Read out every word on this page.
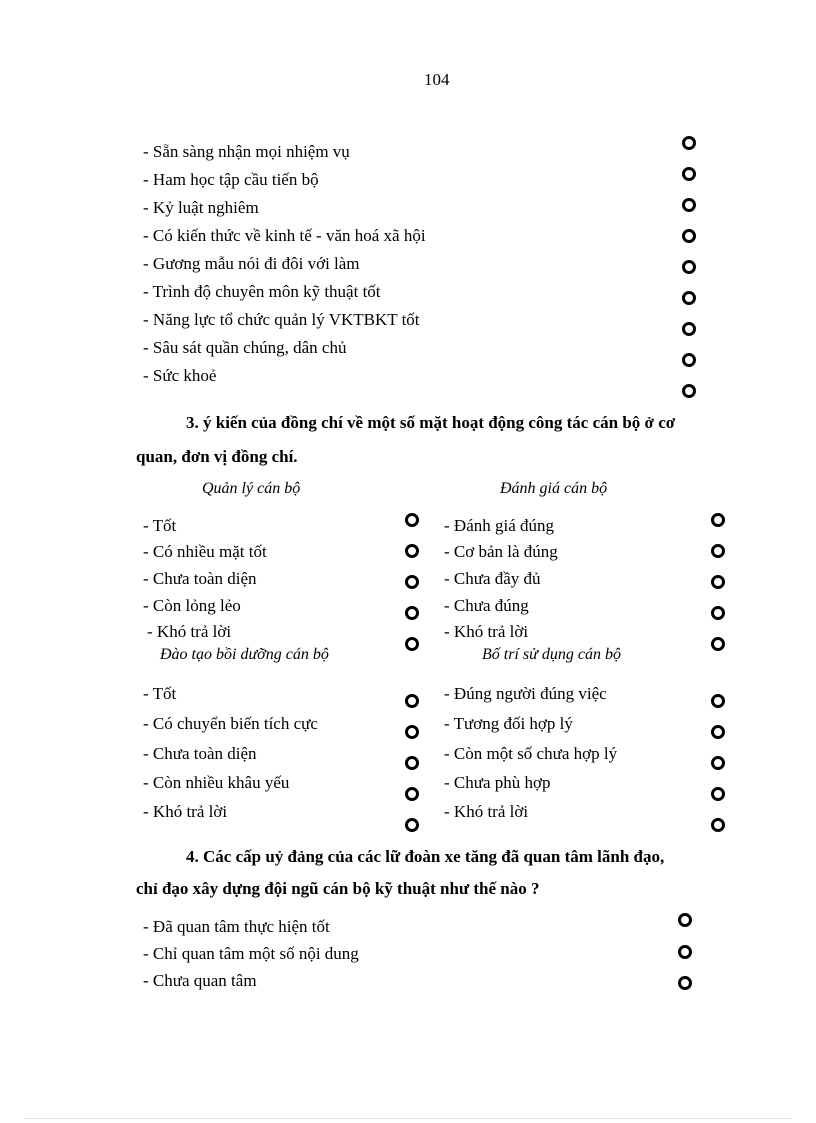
104
- Sẵn sàng nhận mọi nhiệm vụ
- Ham học tập cầu tiến bộ
- Kỷ luật nghiêm
- Có kiến thức về kinh tế - văn hoá xã hội
- Gương mẫu nói đi đôi với làm
- Trình độ chuyên môn kỹ thuật tốt
- Năng lực tổ chức quản lý VKTBKT tốt
- Sâu sát quần chúng, dân chủ
- Sức khoẻ
3. ý kiến của đồng chí về một số mặt hoạt động công tác cán bộ ở cơ
quan, đơn vị đồng chí.
Quản lý cán bộ	Đánh giá cán bộ
- Tốt
- Có nhiều mặt tốt
- Chưa toàn diện
- Còn lỏng lẻo
- Khó trả lời
- Đánh giá đúng
- Cơ bản là đúng
- Chưa đầy đủ
- Chưa đúng
- Khó trả lời
Đào tạo bồi dưỡng cán bộ	Bố trí sử dụng cán bộ
- Tốt
- Có chuyển biến tích cực
- Chưa toàn diện
- Còn nhiều khâu yếu
- Khó trả lời
- Đúng người đúng việc
- Tương đối hợp lý
- Còn một số chưa hợp lý
- Chưa phù hợp
- Khó trả lời
4. Các cấp uỷ đảng của các lữ đoàn xe tăng đã quan tâm lãnh đạo,
chỉ đạo xây dựng đội ngũ cán bộ kỹ thuật như thế nào ?
- Đã quan tâm thực hiện tốt
- Chỉ quan tâm một số nội dung
- Chưa quan tâm
